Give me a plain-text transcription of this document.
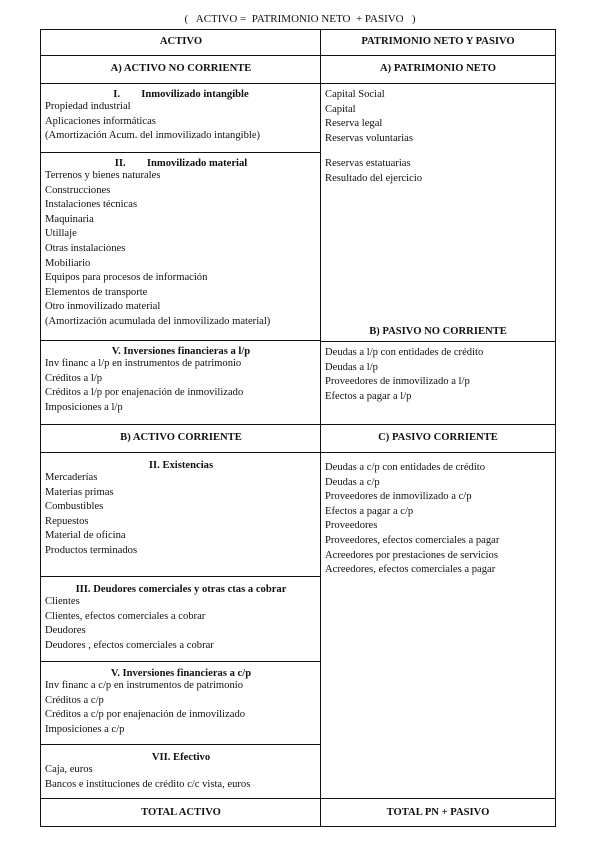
(   ACTIVO =  PATRIMONIO NETO  + PASIVO   )
ACTIVO
A) ACTIVO NO CORRIENTE
I.        Inmovilizado intangible
Propiedad industrial
Aplicaciones informáticas
(Amortización Acum. del inmovilizado intangible)
II.        Inmovilizado material
Terrenos y bienes naturales
Construcciones
Instalaciones técnicas
Maquinaria
Utillaje
Otras instalaciones
Mobiliario
Equipos para procesos de información
Elementos de transporte
Otro inmovilizado material
(Amortización acumulada del inmovilizado material)
V. Inversiones financieras a l/p
Inv financ a l/p en instrumentos de patrimonio
Créditos a l/p
Créditos a l/p por enajenación de inmovilizado
Imposiciones a l/p
B) ACTIVO CORRIENTE
II. Existencias
Mercaderías
Materias primas
Combustibles
Repuestos
Material de oficina
Productos terminados
III. Deudores comerciales y otras ctas a cobrar
Clientes
Clientes, efectos comerciales a cobrar
Deudores
Deudores , efectos comerciales a cobrar
V. Inversiones financieras a c/p
Inv financ a c/p en instrumentos de patrimonio
Créditos a c/p
Créditos a c/p por enajenación de inmovilizado
Imposiciones a c/p
VII. Efectivo
Caja, euros
Bancos e instituciones de crédito c/c vista, euros
TOTAL ACTIVO
PATRIMONIO NETO Y PASIVO
A) PATRIMONIO NETO
Capital Social
Capital
Reserva legal
Reservas voluntarias
Reservas estatuarias
Resultado del ejercicio
B) PASIVO NO CORRIENTE
Deudas a l/p con entidades de crédito
Deudas a l/p
Proveedores de inmovilizado a l/p
Efectos a pagar a l/p
C) PASIVO CORRIENTE
Deudas a c/p con entidades de crédito
Deudas a c/p
Proveedores de inmovilizado a c/p
Efectos a pagar a c/p
Proveedores
Proveedores, efectos comerciales a pagar
Acreedores por prestaciones de servicios
Acreedores, efectos comerciales a pagar
TOTAL PN + PASIVO
